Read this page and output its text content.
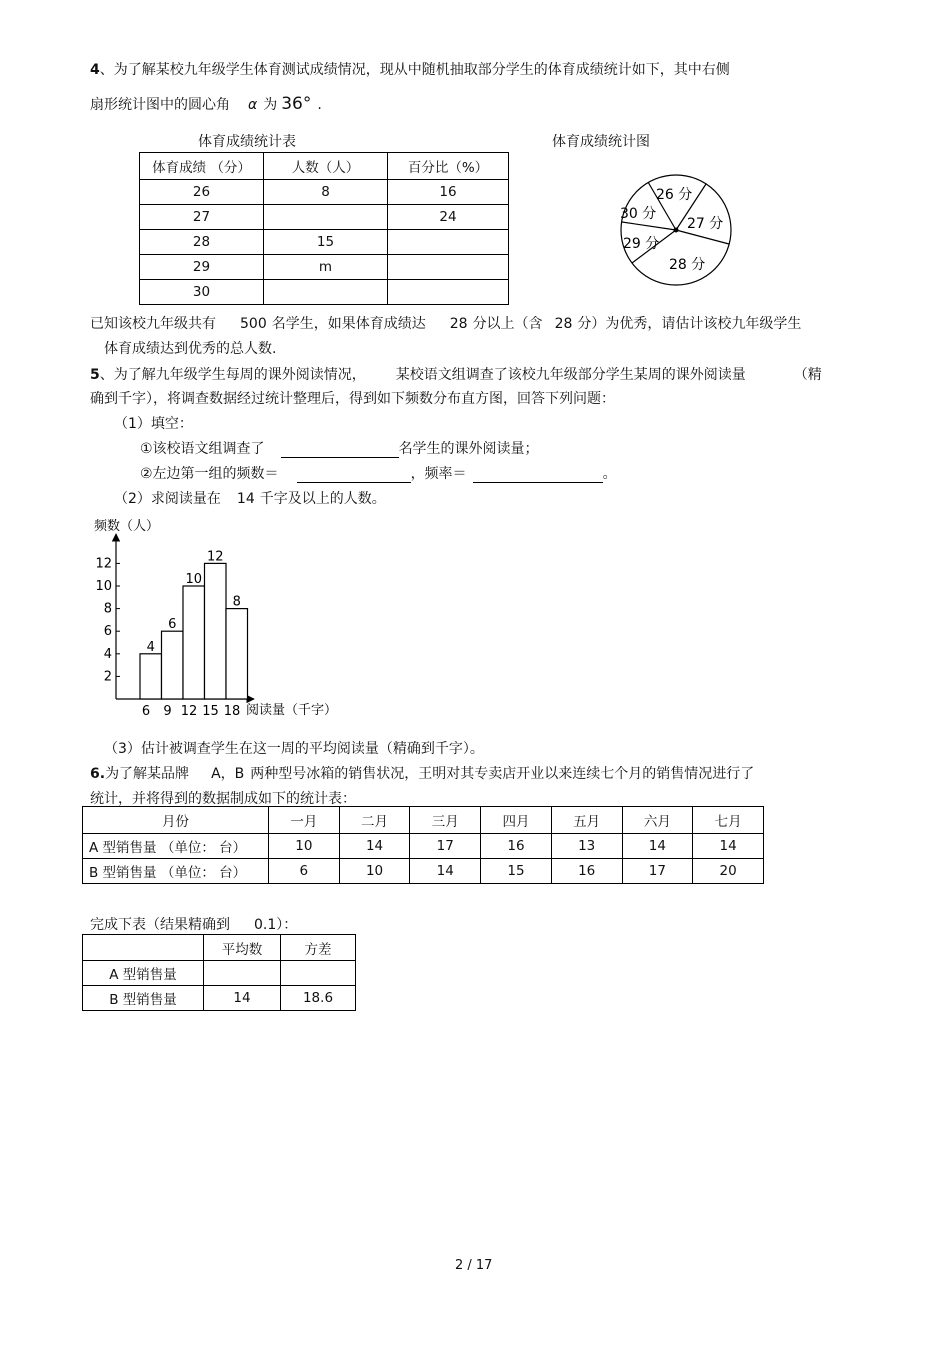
4、为了解某校九年级学生体育测试成绩情况，现从中随机抽取部分学生的体育成绩统计如下，其中右侧
扇形统计图中的圆心角 α 为 36° .
体育成绩统计表	体育成绩统计图
体育成绩 （分）	人数（人）	百分比（%）
26	8	16
27		24
28	15	
29	m	
30		
26 分
27 分
28 分
29 分
30 分
已知该校九年级共有 500 名学生，如果体育成绩达 28 分以上（含 28 分）为优秀，请估计该校九年级学生
体育成绩达到优秀的总人数.
5、为了解九年级学生每周的课外阅读情况， 某校语文组调查了该校九年级部分学生某周的课外阅读量	（精
确到千字），将调查数据经过统计整理后，得到如下频数分布直方图，回答下列问题：
（1）填空：
①该校语文组调查了	名学生的课外阅读量；
②左边第一组的频数＝	，频率＝	。
（2）求阅读量在 14 千字及以上的人数。
频数（人）
阅读量（千字）
2
4
6
8
10
12
4
6
10
12
8
6 9 12 15 18
（3）估计被调查学生在这一周的平均阅读量（精确到千字）。
6.为了解某品牌 A，B 两种型号冰箱的销售状况，王明对其专卖店开业以来连续七个月的销售情况进行了
统计，并将得到的数据制成如下的统计表：
月份	一月	二月	三月	四月	五月	六月	七月
A 型销售量 （单位： 台）	10	14	17	16	13	14	14
B 型销售量 （单位： 台）	6	10	14	15	16	17	20
完成下表（结果精确到 0.1）：
	平均数	方差
A 型销售量		
B 型销售量	14	18.6
2 / 17
